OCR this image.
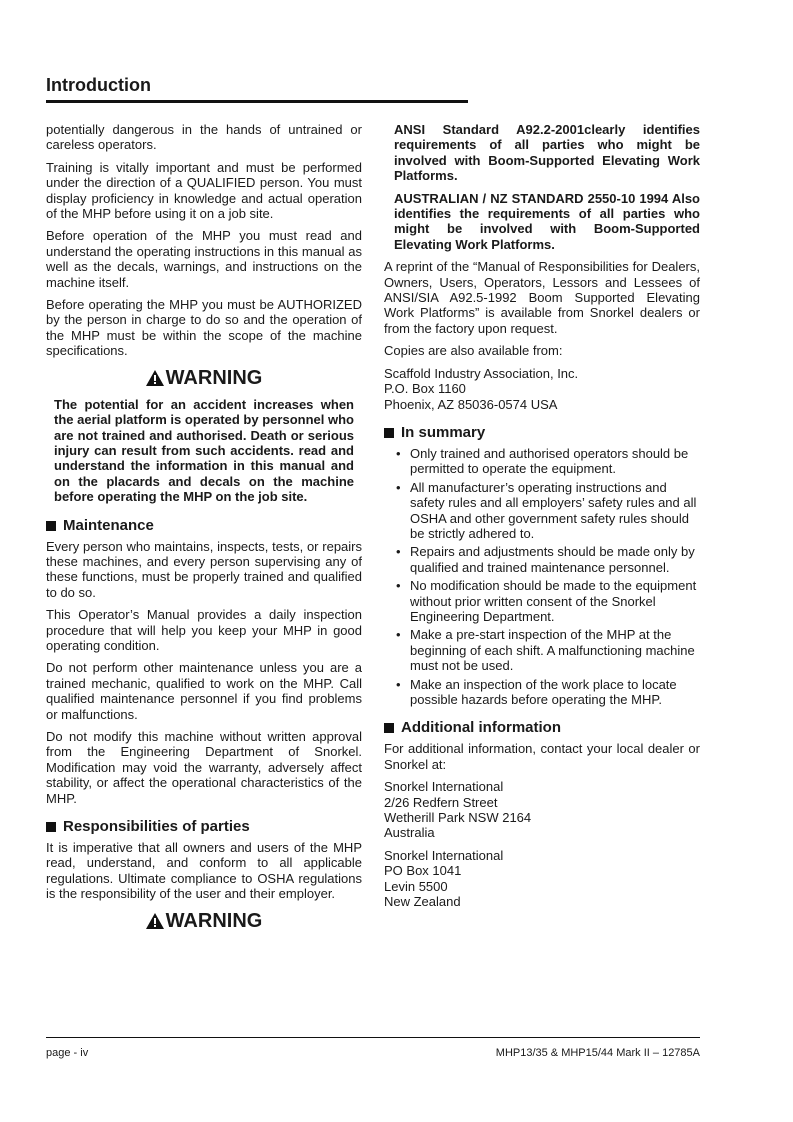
Introduction

potentially dangerous in the hands of untrained or careless operators.

Training is vitally important and must be performed under the direction of a QUALIFIED person. You must display proficiency in knowledge and actual operation of the MHP before using it on a job site.

Before operation of the MHP you must read and understand the operating instructions in this manual as well as the decals, warnings, and instructions on the machine itself.

Before operating the MHP you must be AUTHORIZED by the person in charge to do so and the operation of the MHP must be within the scope of the machine specifications.

WARNING
The potential for an accident increases when the aerial platform is operated by personnel who are not trained and authorised. Death or serious injury can result from such accidents. read and understand the information in this manual and on the placards and decals on the machine before operating the MHP on the job site.
Maintenance

Every person who maintains, inspects, tests, or repairs these machines, and every person supervising any of these functions, must be properly trained and qualified to do so.

This Operator’s Manual provides a daily inspection procedure that will help you keep your MHP in good operating condition.

Do not perform other maintenance unless you are a trained mechanic, qualified to work on the MHP. Call qualified maintenance personnel if you find problems or malfunctions.

Do not modify this machine without written approval from the Engineering Department of Snorkel. Modification may void the warranty, adversely affect stability, or affect the operational characteristics of the MHP.

Responsibilities of parties

It is imperative that all owners and users of the MHP read, understand, and conform to all applicable regulations. Ultimate compliance to OSHA regulations is the responsibility of the user and their employer.

WARNING
ANSI Standard A92.2-2001clearly identifies requirements of all parties who might be involved with Boom-Supported Elevating Work Platforms.
AUSTRALIAN / NZ STANDARD 2550-10 1994 Also identifies the requirements of all parties who might be involved with Boom-Supported Elevating Work Platforms.

A reprint of the “Manual of Responsibilities for Dealers, Owners, Users, Operators, Lessors and Lessees of ANSI/SIA A92.5-1992 Boom Supported Elevating Work Platforms” is available from Snorkel dealers or from the factory upon request.

Copies are also available from:

Scaffold Industry Association, Inc.
P.O. Box 1160
Phoenix, AZ 85036-0574 USA
In summary
• Only trained and authorised operators should be permitted to operate the equipment.
• All manufacturer’s operating instructions and safety rules and all employers’ safety rules and all OSHA and other government safety rules should be strictly adhered to.
• Repairs and adjustments should be made only by qualified and trained maintenance personnel.
• No modification should be made to the equipment without prior written consent of the Snorkel Engineering Department.
• Make a pre-start inspection of the MHP at the beginning of each shift. A malfunctioning machine must not be used.
• Make an inspection of the work place to locate possible hazards before operating the MHP.
Additional information

For additional information, contact your local dealer or Snorkel at:

Snorkel International
2/26 Redfern Street
Wetherill Park NSW 2164
Australia
Snorkel International
PO Box 1041
Levin 5500
New Zealand
page - iv	MHP13/35 & MHP15/44 Mark II – 12785A
